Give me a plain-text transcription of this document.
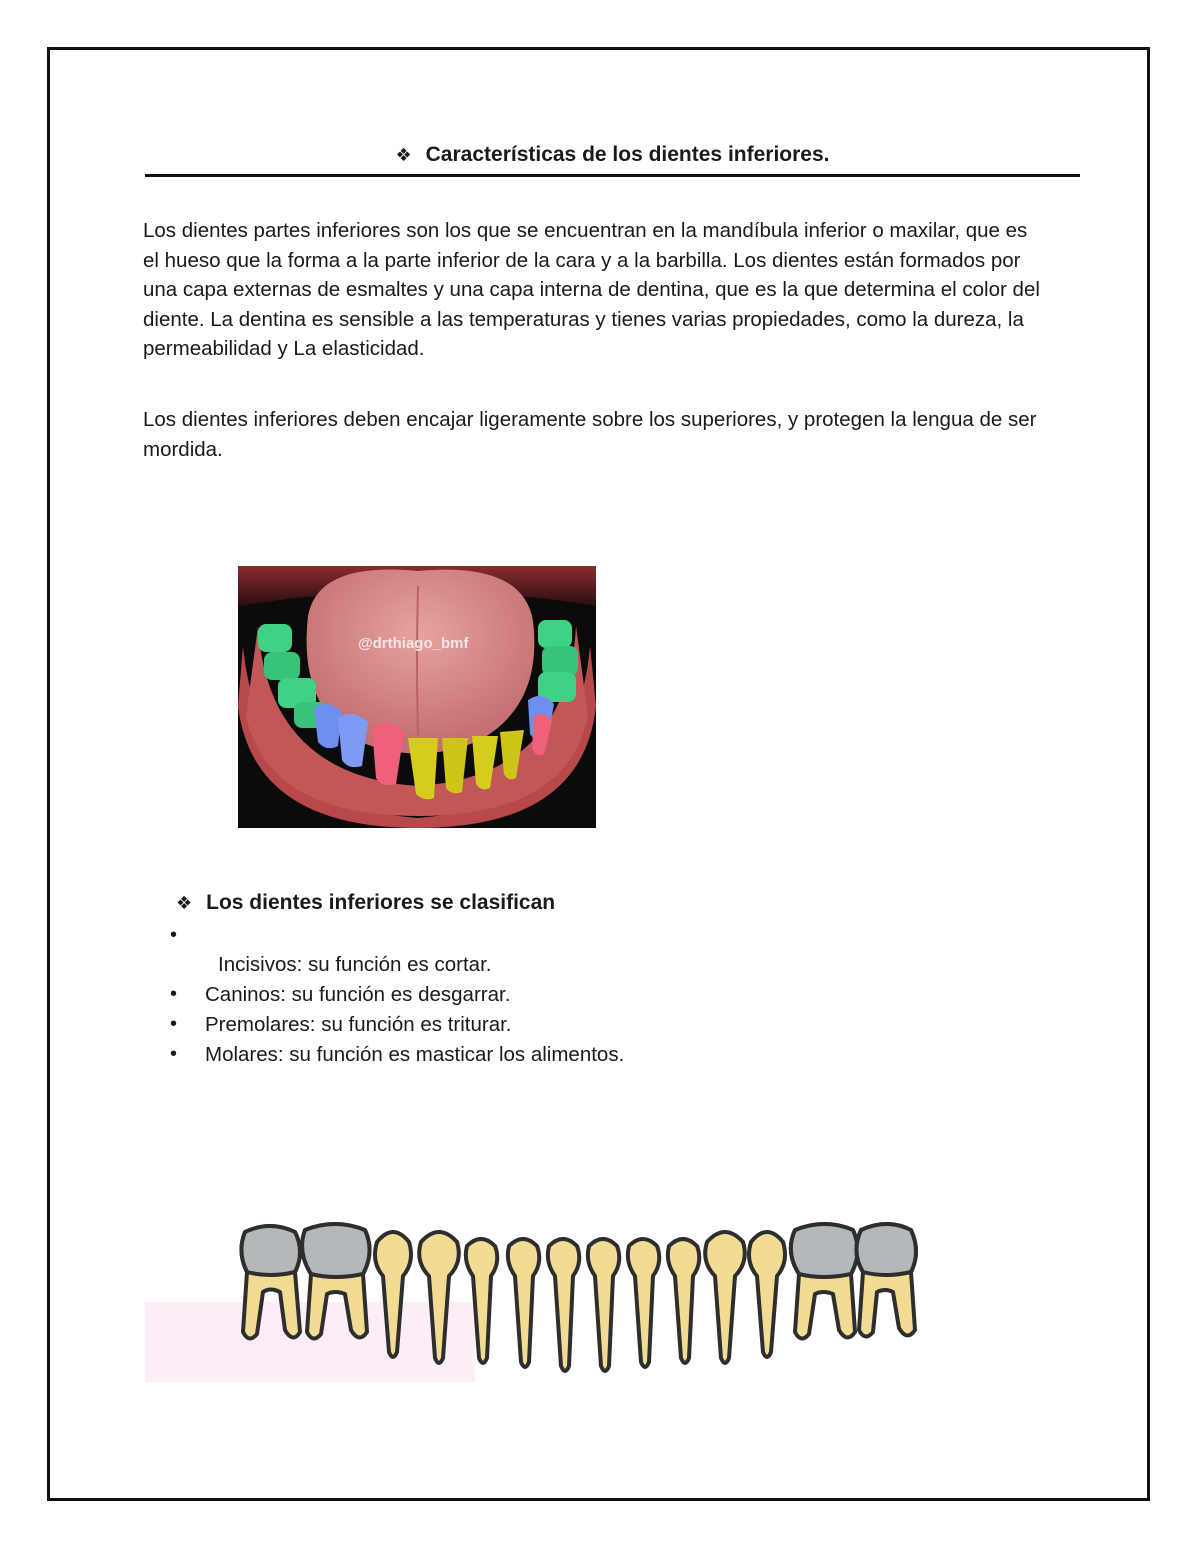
❖ Características de los dientes inferiores.

Los dientes partes inferiores son los que se encuentran en la mandíbula inferior o maxilar, que es el hueso que la forma a la parte inferior de la cara y a la barbilla. Los dientes están formados por una capa externas de esmaltes y una capa interna de dentina, que es la que determina el color del diente. La dentina es sensible a las temperaturas y tienes varias propiedades, como la dureza, la permeabilidad y La elasticidad.

Los dientes inferiores deben encajar ligeramente sobre los superiores, y protegen la lengua de ser mordida.

@drthiago_bmf
❖ Los dientes inferiores se clasifican
•
Incisivos: su función es cortar.
• Caninos: su función es desgarrar.
• Premolares: su función es triturar.
• Molares: su función es masticar los alimentos.
